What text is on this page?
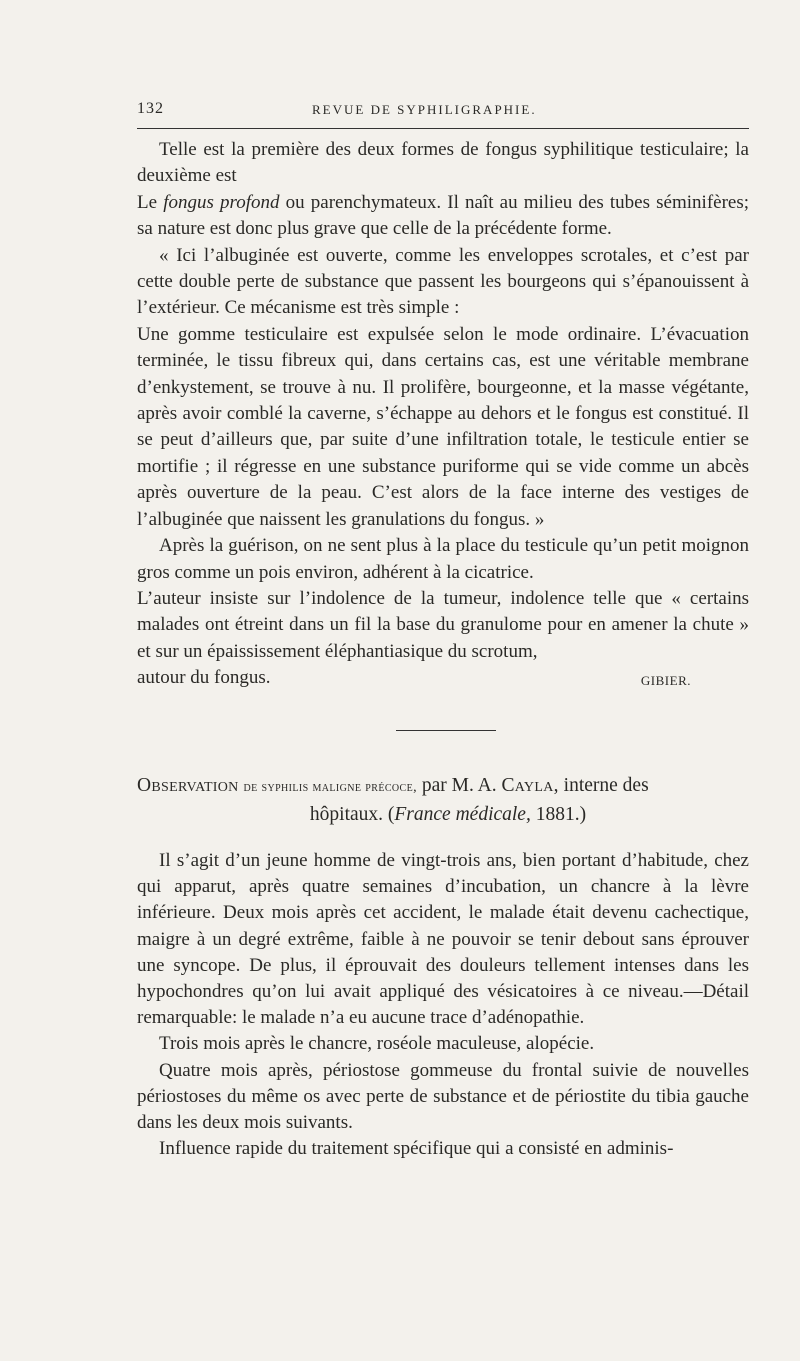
132	REVUE DE SYPHILIGRAPHIE.

Telle est la première des deux formes de fongus syphilitique testiculaire; la deuxième est

Le fongus profond ou parenchymateux. Il naît au milieu des tubes séminifères; sa nature est donc plus grave que celle de la précédente forme.

« Ici l’albuginée est ouverte, comme les enveloppes scrotales, et c’est par cette double perte de substance que passent les bourgeons qui s’épanouissent à l’extérieur. Ce mécanisme est très simple :

Une gomme testiculaire est expulsée selon le mode ordinaire. L’évacuation terminée, le tissu fibreux qui, dans certains cas, est une véritable membrane d’enkystement, se trouve à nu. Il prolifère, bourgeonne, et la masse végétante, après avoir comblé la caverne, s’échappe au dehors et le fongus est constitué. Il se peut d’ailleurs que, par suite d’une infiltration totale, le testicule entier se mortifie ; il régresse en une substance puriforme qui se vide comme un abcès après ouverture de la peau. C’est alors de la face interne des vestiges de l’albuginée que naissent les granulations du fongus. »

Après la guérison, on ne sent plus à la place du testicule qu’un petit moignon gros comme un pois environ, adhérent à la cicatrice.

L’auteur insiste sur l’indolence de la tumeur, indolence telle que « certains malades ont étreint dans un fil la base du granulome pour en amener la chute » et sur un épaississement éléphantiasique du scrotum,

autour du fongus.	GIBIER.

Observation de syphilis maligne précoce, par M. A. Cayla, interne des
hôpitaux. (France médicale, 1881.)

Il s’agit d’un jeune homme de vingt-trois ans, bien portant d’habitude, chez qui apparut, après quatre semaines d’incubation, un chancre à la lèvre inférieure. Deux mois après cet accident, le malade était devenu cachectique, maigre à un degré extrême, faible à ne pouvoir se tenir debout sans éprouver une syncope. De plus, il éprouvait des douleurs tellement intenses dans les hypochondres qu’on lui avait appliqué des vésicatoires à ce niveau.—Détail remarquable: le malade n’a eu aucune trace d’adénopathie.

Trois mois après le chancre, roséole maculeuse, alopécie.

Quatre mois après, périostose gommeuse du frontal suivie de nouvelles périostoses du même os avec perte de substance et de périostite du tibia gauche dans les deux mois suivants.

Influence rapide du traitement spécifique qui a consisté en adminis-
